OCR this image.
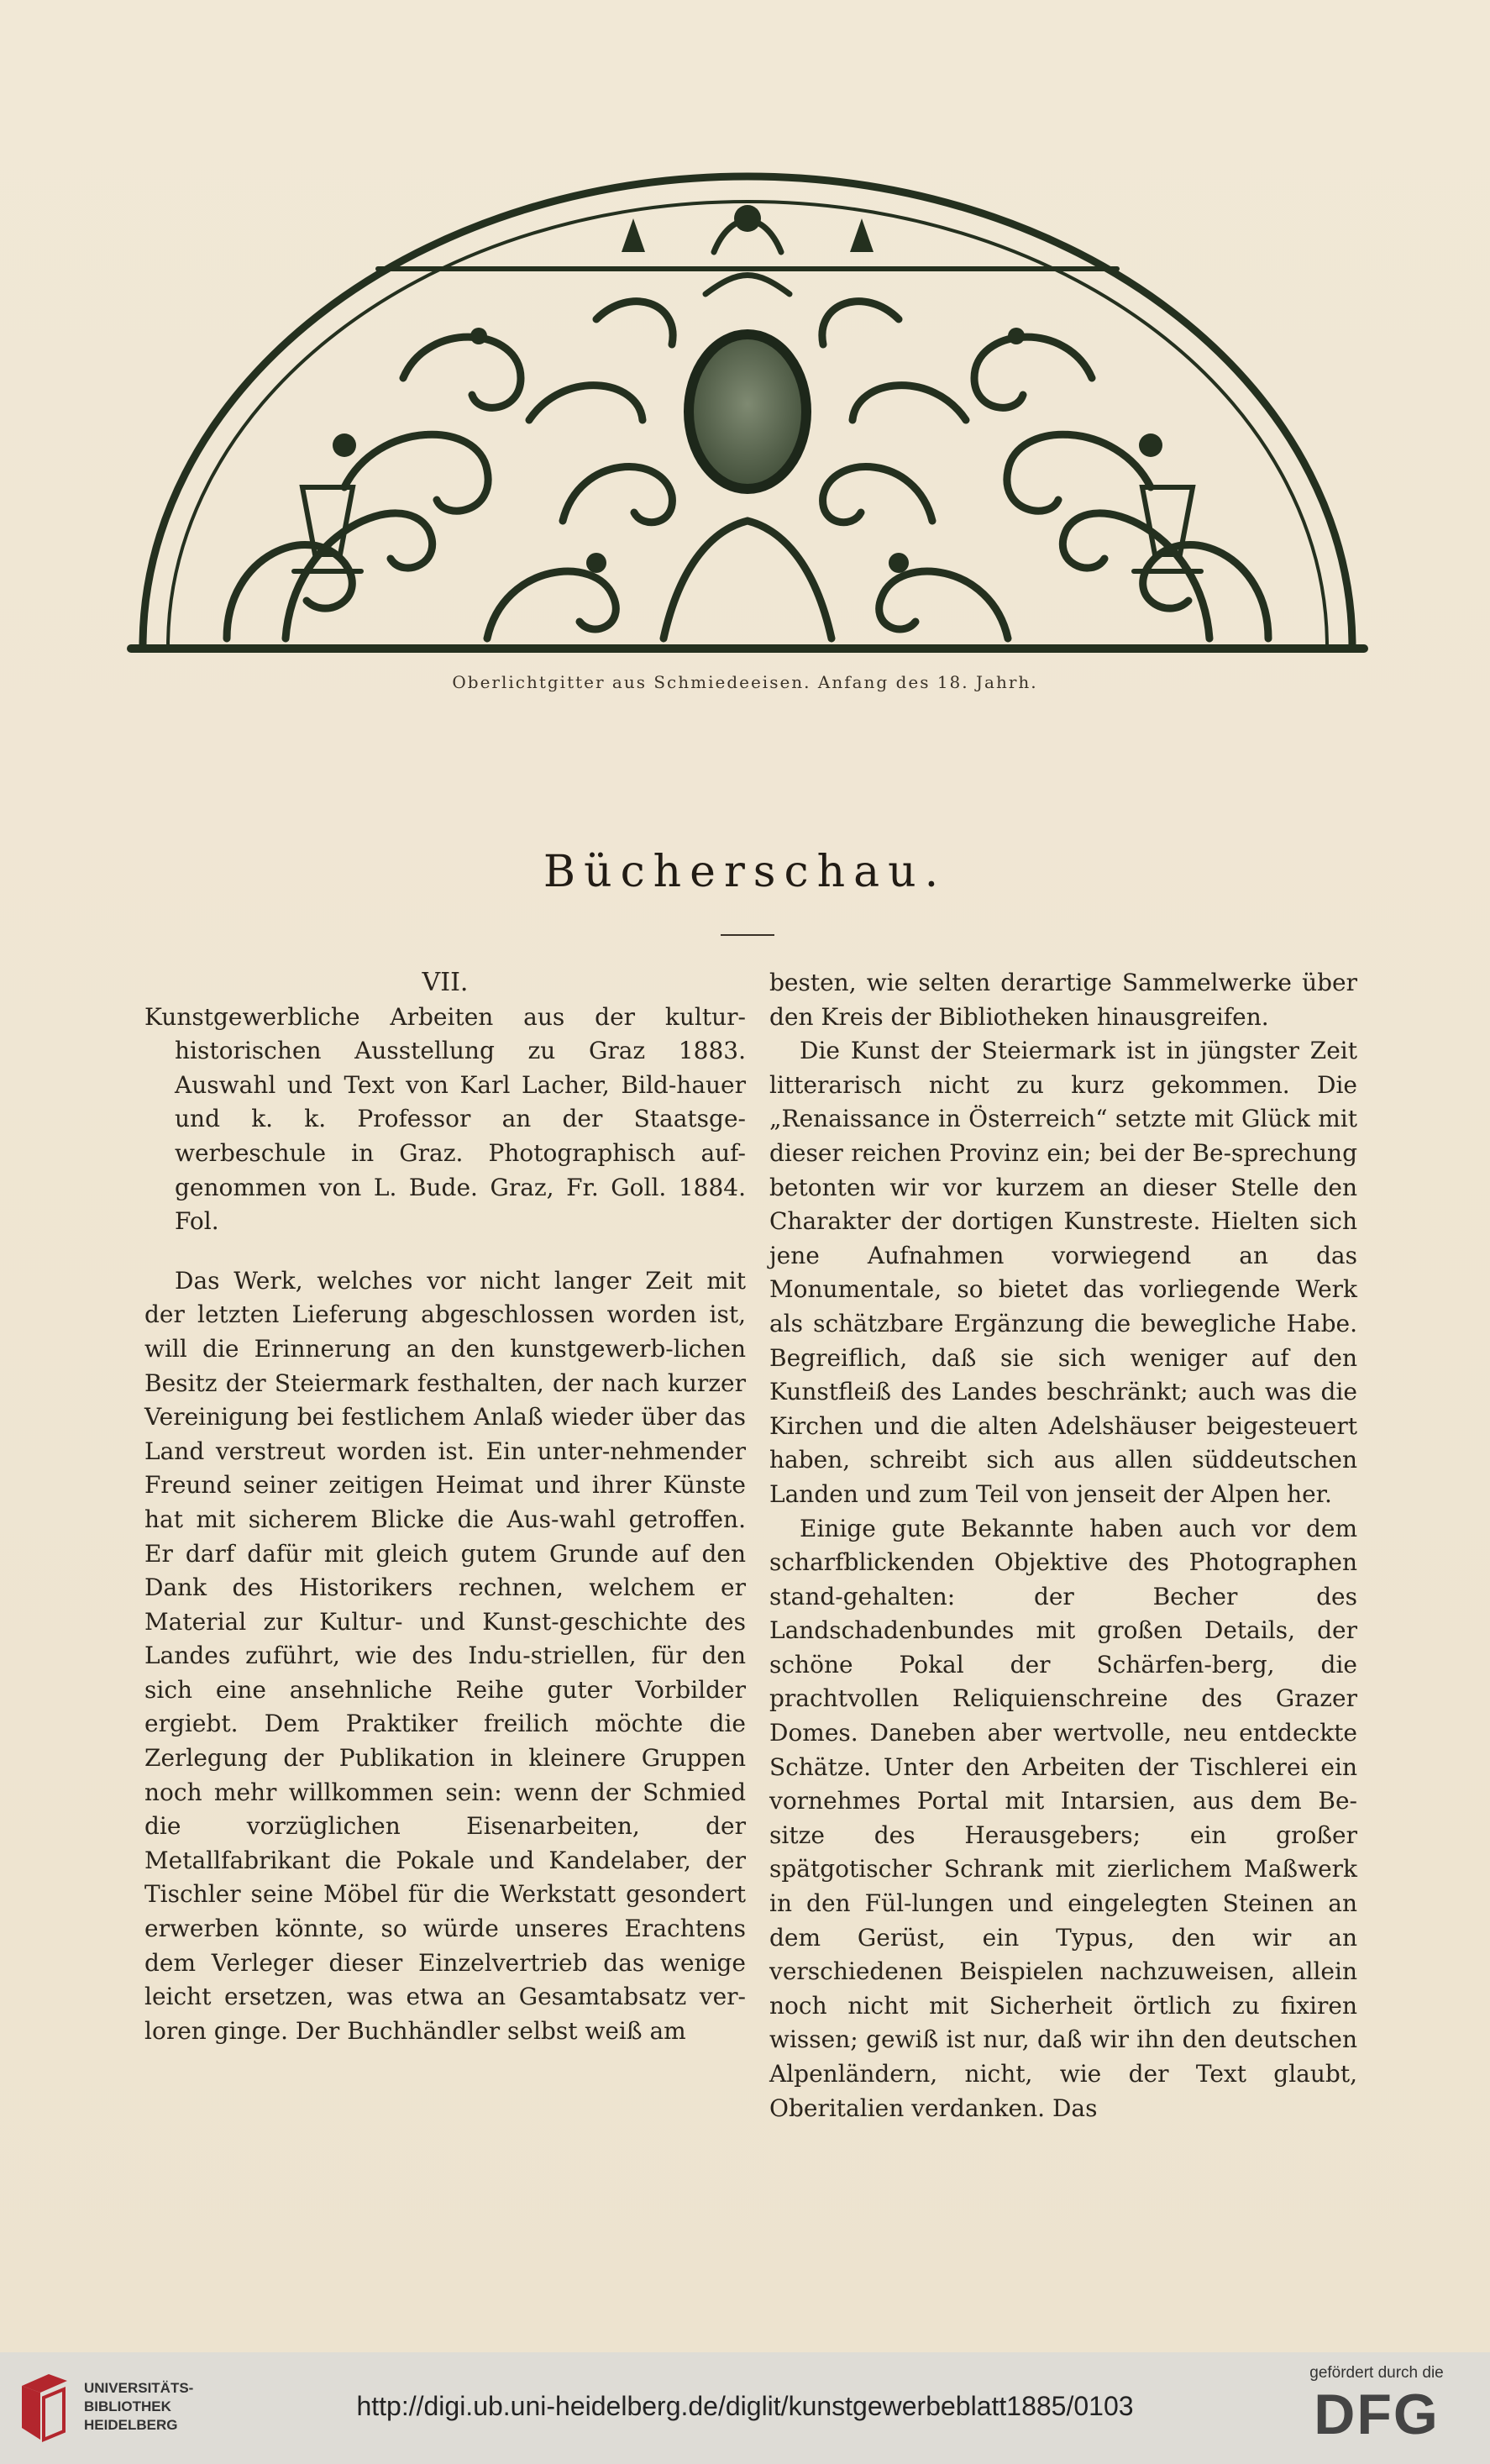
Oberlichtgitter aus Schmiedeeisen. Anfang des 18. Jahrh.
Bücherschau.

VII.

Kunstgewerbliche Arbeiten aus der kultur-historischen Ausstellung zu Graz 1883. Auswahl und Text von Karl Lacher, Bild-hauer und k. k. Professor an der Staatsge-werbeschule in Graz. Photographisch auf-genommen von L. Bude. Graz, Fr. Goll. 1884. Fol.

Das Werk, welches vor nicht langer Zeit mit der letzten Lieferung abgeschlossen worden ist, will die Erinnerung an den kunstgewerb-lichen Besitz der Steiermark festhalten, der nach kurzer Vereinigung bei festlichem Anlaß wieder über das Land verstreut worden ist. Ein unter-nehmender Freund seiner zeitigen Heimat und ihrer Künste hat mit sicherem Blicke die Aus-wahl getroffen. Er darf dafür mit gleich gutem Grunde auf den Dank des Historikers rechnen, welchem er Material zur Kultur- und Kunst-geschichte des Landes zuführt, wie des Indu-striellen, für den sich eine ansehnliche Reihe guter Vorbilder ergiebt. Dem Praktiker freilich möchte die Zerlegung der Publikation in kleinere Gruppen noch mehr willkommen sein: wenn der Schmied die vorzüglichen Eisenarbeiten, der Metallfabrikant die Pokale und Kandelaber, der Tischler seine Möbel für die Werkstatt gesondert erwerben könnte, so würde unseres Erachtens dem Verleger dieser Einzelvertrieb das wenige leicht ersetzen, was etwa an Gesamtabsatz ver-loren ginge. Der Buchhändler selbst weiß am

besten, wie selten derartige Sammelwerke über den Kreis der Bibliotheken hinausgreifen.

Die Kunst der Steiermark ist in jüngster Zeit litterarisch nicht zu kurz gekommen. Die „Renaissance in Österreich“ setzte mit Glück mit dieser reichen Provinz ein; bei der Be-sprechung betonten wir vor kurzem an dieser Stelle den Charakter der dortigen Kunstreste. Hielten sich jene Aufnahmen vorwiegend an das Monumentale, so bietet das vorliegende Werk als schätzbare Ergänzung die bewegliche Habe. Begreiflich, daß sie sich weniger auf den Kunstfleiß des Landes beschränkt; auch was die Kirchen und die alten Adelshäuser beigesteuert haben, schreibt sich aus allen süddeutschen Landen und zum Teil von jenseit der Alpen her.

Einige gute Bekannte haben auch vor dem scharfblickenden Objektive des Photographen stand-gehalten: der Becher des Landschadenbundes mit großen Details, der schöne Pokal der Schärfen-berg, die prachtvollen Reliquienschreine des Grazer Domes. Daneben aber wertvolle, neu entdeckte Schätze. Unter den Arbeiten der Tischlerei ein vornehmes Portal mit Intarsien, aus dem Be-sitze des Herausgebers; ein großer spätgotischer Schrank mit zierlichem Maßwerk in den Fül-lungen und eingelegten Steinen an dem Gerüst, ein Typus, den wir an verschiedenen Beispielen nachzuweisen, allein noch nicht mit Sicherheit örtlich zu fixiren wissen; gewiß ist nur, daß wir ihn den deutschen Alpenländern, nicht, wie der Text glaubt, Oberitalien verdanken. Das

UNIVERSITÄTS-
BIBLIOTHEK
HEIDELBERG
http://digi.ub.uni-heidelberg.de/diglit/kunstgewerbeblatt1885/0103
gefördert durch die
DFG
